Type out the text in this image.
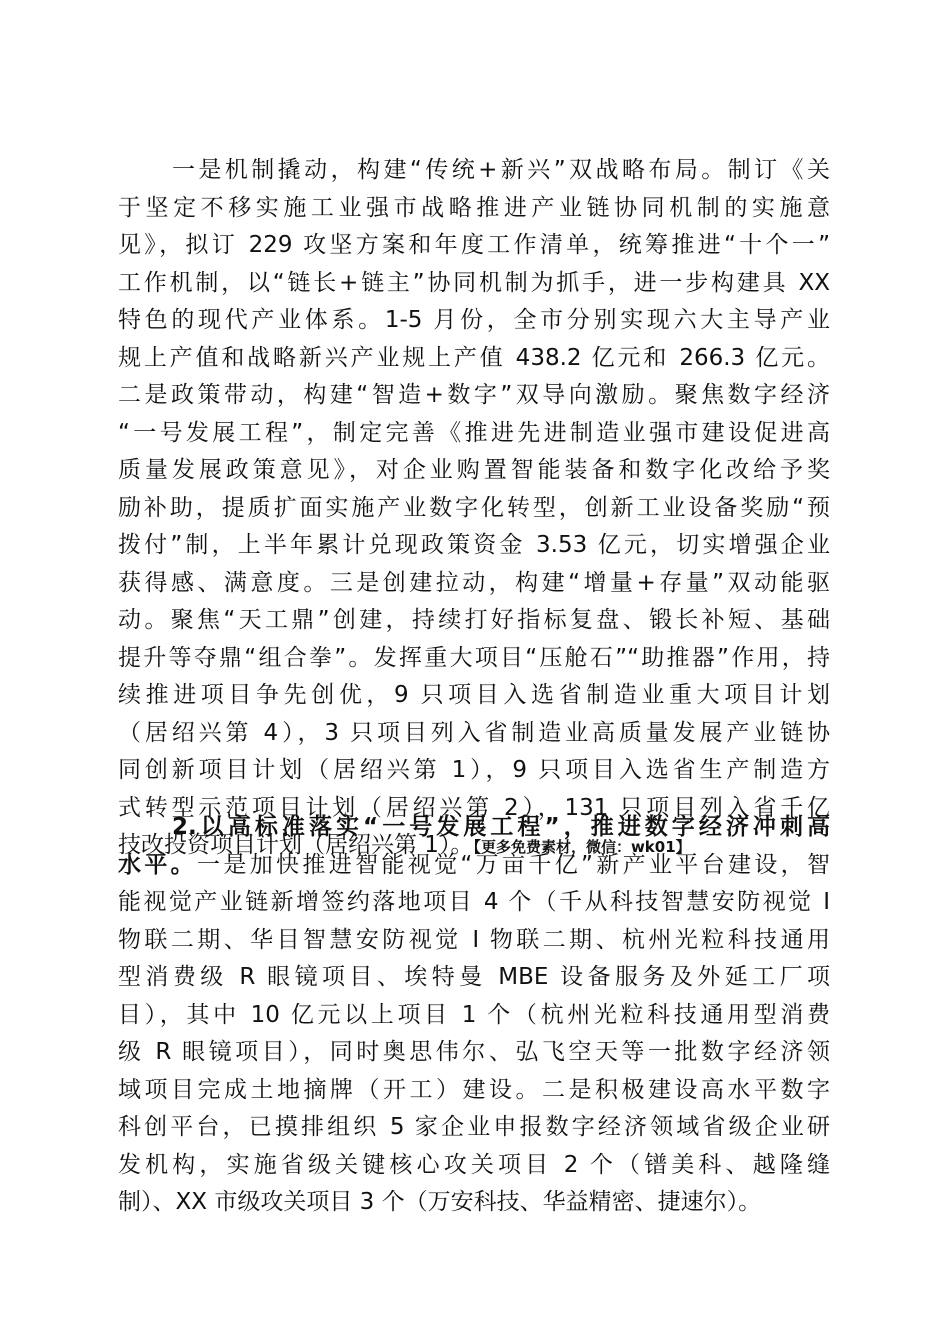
一是机制撬动，构建“传统+新兴”双战略布局。制订《关
于坚定不移实施工业强市战略推进产业链协同机制的实施意
见》，拟订 229 攻坚方案和年度工作清单，统筹推进“十个一”
工作机制，以“链长+链主”协同机制为抓手，进一步构建具 XX
特色的现代产业体系。1-5 月份，全市分别实现六大主导产业
规上产值和战略新兴产业规上产值 438.2 亿元和 266.3 亿元。
二是政策带动，构建“智造+数字”双导向激励。聚焦数字经济
“一号发展工程”，制定完善《推进先进制造业强市建设促进高
质量发展政策意见》，对企业购置智能装备和数字化改给予奖
励补助，提质扩面实施产业数字化转型，创新工业设备奖励“预
拨付”制，上半年累计兑现政策资金 3.53 亿元，切实增强企业
获得感、满意度。三是创建拉动，构建“增量+存量”双动能驱
动。聚焦“天工鼎”创建，持续打好指标复盘、锻长补短、基础
提升等夺鼎“组合拳”。发挥重大项目“压舱石”“助推器”作用，持
续推进项目争先创优，9 只项目入选省制造业重大项目计划
（居绍兴第 4），3 只项目列入省制造业高质量发展产业链协
同创新项目计划（居绍兴第 1），9 只项目入选省生产制造方
式转型示范项目计划（居绍兴第 2），131 只项目列入省千亿
技改投资项目计划（居绍兴第 1）。【更多免费素材，微信：wk01】
2.以高标准落实“一号发展工程”，推进数字经济冲刺高
水平。一是加快推进智能视觉“万亩千亿”新产业平台建设，智
能视觉产业链新增签约落地项目 4 个（千从科技智慧安防视觉 I
物联二期、华目智慧安防视觉 I 物联二期、杭州光粒科技通用
型消费级 R 眼镜项目、埃特曼 MBE 设备服务及外延工厂项
目），其中 10 亿元以上项目 1 个（杭州光粒科技通用型消费
级 R 眼镜项目），同时奥思伟尔、弘飞空天等一批数字经济领
域项目完成土地摘牌（开工）建设。二是积极建设高水平数字
科创平台，已摸排组织 5 家企业申报数字经济领域省级企业研
发机构，实施省级关键核心攻关项目 2 个（镨美科、越隆缝
制）、XX 市级攻关项目 3 个（万安科技、华益精密、捷速尔）。
